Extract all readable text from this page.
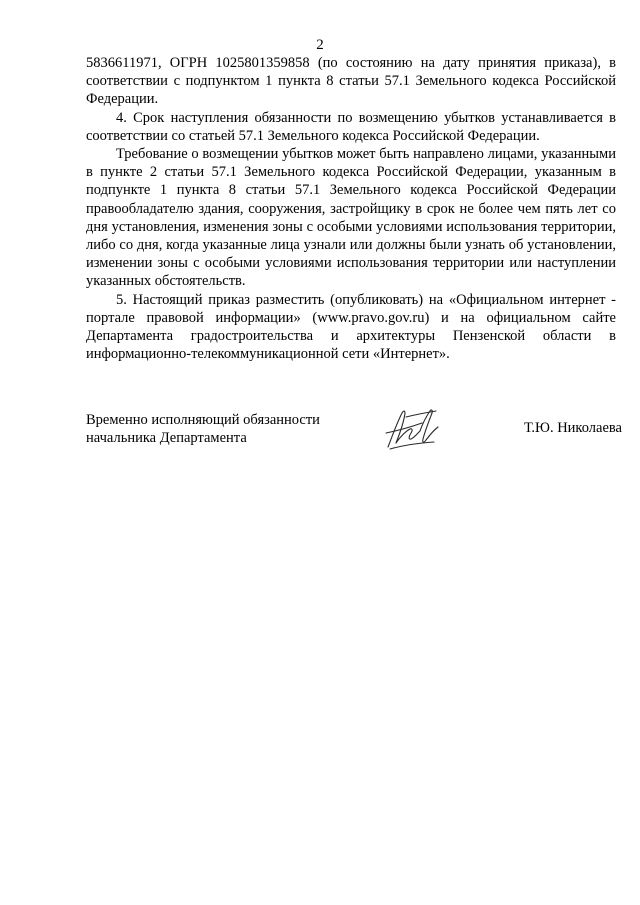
2

5836611971, ОГРН 1025801359858 (по состоянию на дату принятия приказа), в соответствии с подпунктом 1 пункта 8 статьи 57.1 Земельного кодекса Российской Федерации.

4. Срок наступления обязанности по возмещению убытков устанавливается в соответствии со статьей 57.1 Земельного кодекса Российской Федерации.

Требование о возмещении убытков может быть направлено лицами, указанными в пункте 2 статьи 57.1 Земельного кодекса Российской Федерации, указанным в подпункте 1 пункта 8 статьи 57.1 Земельного кодекса Российской Федерации правообладателю здания, сооружения, застройщику в срок не более чем пять лет со дня установления, изменения зоны с особыми условиями использования территории, либо со дня, когда указанные лица узнали или должны были узнать об установлении, изменении зоны с особыми условиями использования территории или наступлении указанных обстоятельств.

5. Настоящий приказ разместить (опубликовать) на «Официальном интернет - портале правовой информации» (www.pravo.gov.ru) и на официальном сайте Департамента градостроительства и архитектуры Пензенской области в информационно-телекоммуникационной сети «Интернет».

Временно исполняющий обязанности
начальника Департамента

Т.Ю. Николаева
